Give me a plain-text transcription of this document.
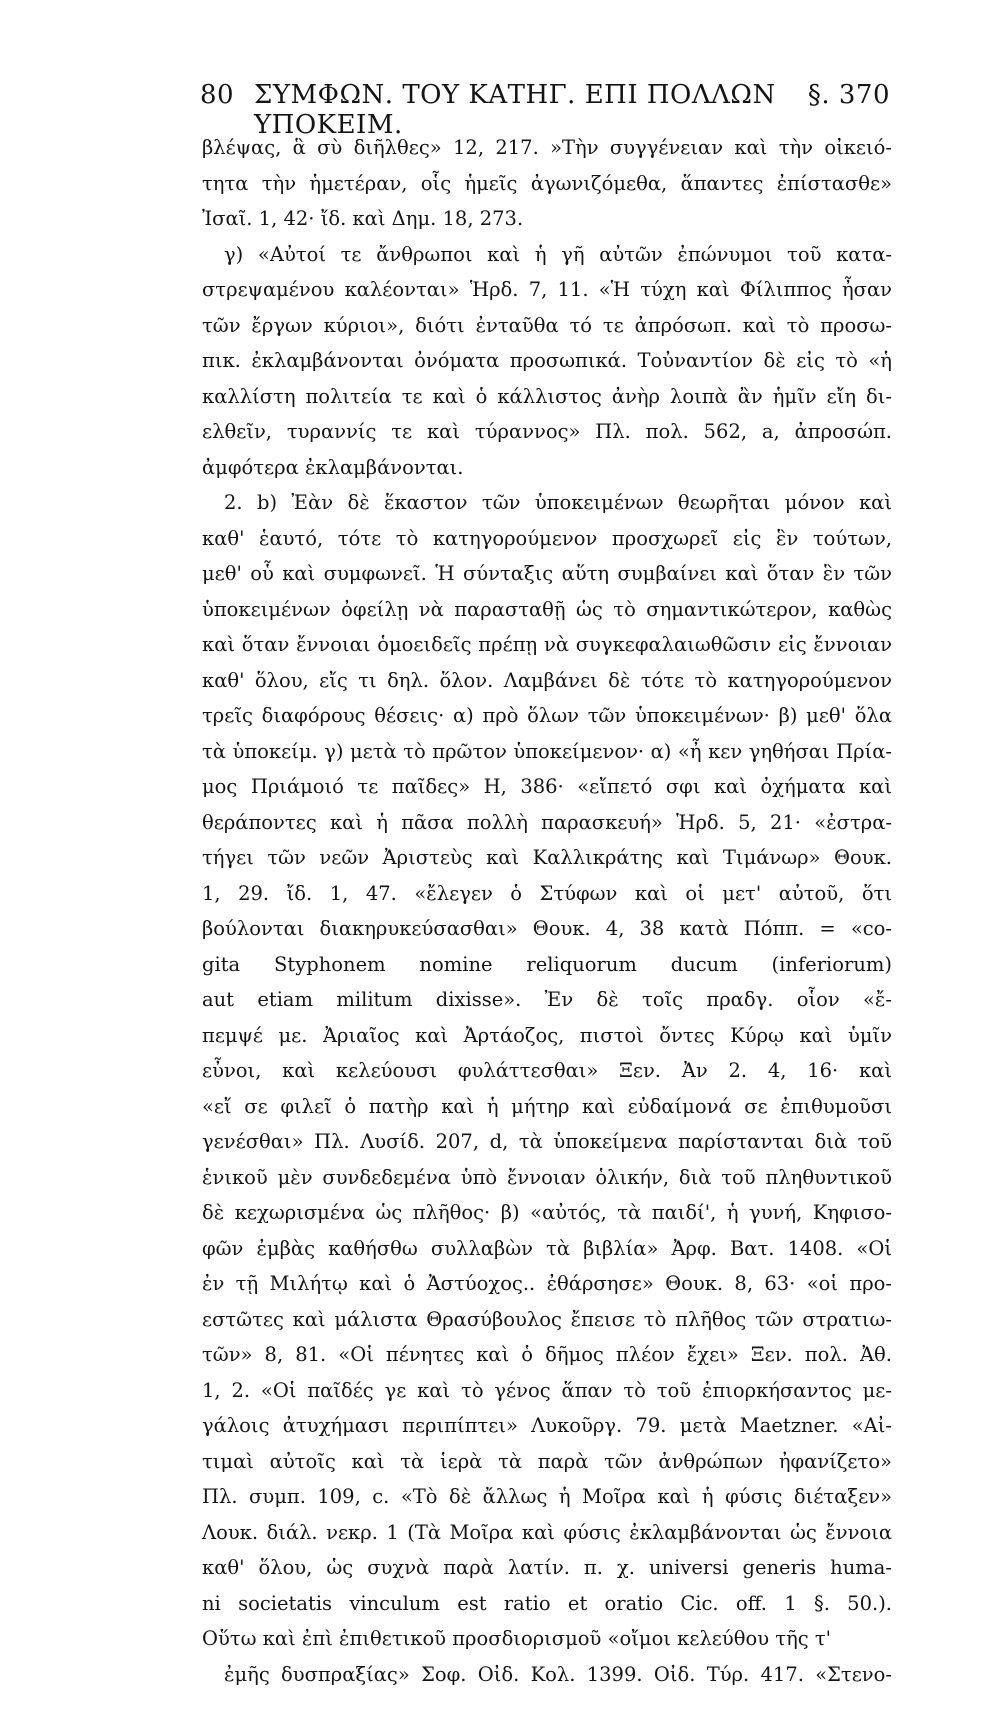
80 ΣΥΜΦΩΝ. ΤΟΥ ΚΑΤΗΓ. ΕΠΙ ΠΟΛΛΩΝ ΥΠΟΚΕΙΜ.
§. 370
βλέψας, ἃ σὺ διῆλθες» 12, 217. »Τὴν συγγένειαν καὶ τὴν οἰκειό-
τητα τὴν ἡμετέραν, οἷς ἡμεῖς ἀγωνιζόμεθα, ἅπαντες ἐπίστασθε»
Ἰσαῖ. 1, 42· ἴδ. καὶ Δημ. 18, 273.
γ) «Αὐτοί τε ἄνθρωποι καὶ ἡ γῆ αὐτῶν ἐπώνυμοι τοῦ κατα-
στρεψαμένου καλέονται» Ἡρδ. 7, 11. «Ἡ τύχη καὶ Φίλιππος ἦσαν
τῶν ἔργων κύριοι», διότι ἐνταῦθα τό τε ἀπρόσωπ. καὶ τὸ προσω-
πικ. ἐκλαμβάνονται ὀνόματα προσωπικά. Τοὐναντίον δὲ εἰς τὸ «ἡ
καλλίστη πολιτεία τε καὶ ὁ κάλλιστος ἀνὴρ λοιπὰ ἂν ἡμῖν εἴη δι-
ελθεῖν, τυραννίς τε καὶ τύραννος» Πλ. πολ. 562, a, ἀπροσώπ.
ἀμφότερα ἐκλαμβάνονται.
2. b) Ἐὰν δὲ ἕκαστον τῶν ὑποκειμένων θεωρῆται μόνον καὶ
καθ' ἑαυτό, τότε τὸ κατηγορούμενον προσχωρεῖ εἰς ἓν τούτων,
μεθ' οὗ καὶ συμφωνεῖ. Ἡ σύνταξις αὕτη συμβαίνει καὶ ὅταν ἓν τῶν
ὑποκειμένων ὀφείλῃ νὰ παρασταθῇ ὡς τὸ σημαντικώτερον, καθὼς
καὶ ὅταν ἔννοιαι ὁμοειδεῖς πρέπῃ νὰ συγκεφαλαιωθῶσιν εἰς ἔννοιαν
καθ' ὅλου, εἴς τι δηλ. ὅλον. Λαμβάνει δὲ τότε τὸ κατηγορούμενον
τρεῖς διαφόρους θέσεις· α) πρὸ ὅλων τῶν ὑποκειμένων· β) μεθ' ὅλα
τὰ ὑποκείμ. γ) μετὰ τὸ πρῶτον ὑποκείμενον· α) «ἦ κεν γηθήσαι Πρία-
μος Πριάμοιό τε παῖδες» Η, 386· «εἴπετό σφι καὶ ὀχήματα καὶ
θεράποντες καὶ ἡ πᾶσα πολλὴ παρασκευή» Ἡρδ. 5, 21· «ἐστρα-
τήγει τῶν νεῶν Ἀριστεὺς καὶ Καλλικράτης καὶ Τιμάνωρ» Θουκ.
1, 29. ἴδ. 1, 47. «ἔλεγεν ὁ Στύφων καὶ οἱ μετ' αὐτοῦ, ὅτι
βούλονται διακηρυκεύσασθαι» Θουκ. 4, 38 κατὰ Πόππ. = «co-
gita Styphonem nomine reliquorum ducum (inferiorum)
aut etiam militum dixisse». Ἐν δὲ τοῖς πραδγ. οἷον «ἔ-
πεμψέ με. Ἀριαῖος καὶ Ἀρτάοζος, πιστοὶ ὄντες Κύρῳ καὶ ὑμῖν
εὖνοι, καὶ κελεύουσι φυλάττεσθαι» Ξεν. Ἀν 2. 4, 16· καὶ
«εἴ σε φιλεῖ ὁ πατὴρ καὶ ἡ μήτηρ καὶ εὐδαίμονά σε ἐπιθυμοῦσι
γενέσθαι» Πλ. Λυσίδ. 207, d, τὰ ὑποκείμενα παρίστανται διὰ τοῦ
ἑνικοῦ μὲν συνδεδεμένα ὑπὸ ἔννοιαν ὁλικήν, διὰ τοῦ πληθυντικοῦ
δὲ κεχωρισμένα ὡς πλῆθος· β) «αὐτός, τὰ παιδί', ἡ γυνή, Κηφισο-
φῶν ἐμβὰς καθήσθω συλλαβὼν τὰ βιβλία» Ἀρφ. Βατ. 1408. «Οἱ
ἐν τῇ Μιλήτῳ καὶ ὁ Ἀστύοχος.. ἐθάρσησε» Θουκ. 8, 63· «οἱ προ-
εστῶτες καὶ μάλιστα Θρασύβουλος ἔπεισε τὸ πλῆθος τῶν στρατιω-
τῶν» 8, 81. «Οἱ πένητες καὶ ὁ δῆμος πλέον ἔχει» Ξεν. πολ. Ἀθ.
1, 2. «Οἱ παῖδές γε καὶ τὸ γένος ἅπαν τὸ τοῦ ἐπιορκήσαντος με-
γάλοις ἀτυχήμασι περιπίπτει» Λυκοῦργ. 79. μετὰ Maetzner. «Αἰ-
τιμαὶ αὐτοῖς καὶ τὰ ἱερὰ τὰ παρὰ τῶν ἀνθρώπων ἠφανίζετο»
Πλ. συμπ. 109, c. «Τὸ δὲ ἄλλως ἡ Μοῖρα καὶ ἡ φύσις διέταξεν»
Λουκ. διάλ. νεκρ. 1 (Τὰ Μοῖρα καὶ φύσις ἐκλαμβάνονται ὡς ἔννοια
καθ' ὅλου, ὡς συχνὰ παρὰ λατίν. π. χ. universi generis huma-
ni societatis vinculum est ratio et oratio Cic. off. 1 §. 50.).
Οὕτω καὶ ἐπὶ ἐπιθετικοῦ προσδιορισμοῦ «οἴμοι κελεύθου τῆς τ'
ἐμῆς δυσπραξίας» Σοφ. Οἰδ. Κολ. 1399. Οἰδ. Τύρ. 417. «Στενο-
